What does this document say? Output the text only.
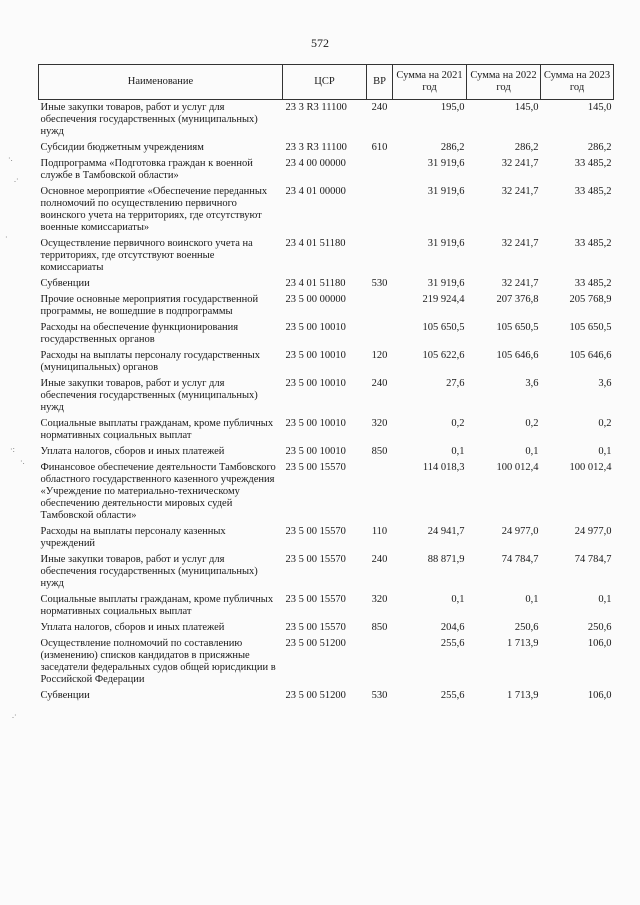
572
·.
.·
·
·:
·.
.·
Наименование	ЦСР	ВР	Сумма на 2021 год	Сумма на 2022 год	Сумма на 2023 год
Иные закупки товаров, работ и услуг для обеспечения государственных (муниципальных) нужд	23 3 R3 11100	240	195,0	145,0	145,0
Субсидии бюджетным учреждениям	23 3 R3 11100	610	286,2	286,2	286,2
Подпрограмма «Подготовка граждан к военной службе в Тамбовской области»	23 4 00 00000		31 919,6	32 241,7	33 485,2
Основное мероприятие «Обеспечение переданных полномочий по осуществлению первичного воинского учета на территориях, где отсутствуют военные комиссариаты»	23 4 01 00000		31 919,6	32 241,7	33 485,2
Осуществление первичного воинского учета на территориях, где отсутствуют военные комиссариаты	23 4 01 51180		31 919,6	32 241,7	33 485,2
Субвенции	23 4 01 51180	530	31 919,6	32 241,7	33 485,2
Прочие основные мероприятия государственной программы, не вошедшие в подпрограммы	23 5 00 00000		219 924,4	207 376,8	205 768,9
Расходы на обеспечение функционирования государственных органов	23 5 00 10010		105 650,5	105 650,5	105 650,5
Расходы на выплаты персоналу государственных (муниципальных) органов	23 5 00 10010	120	105 622,6	105 646,6	105 646,6
Иные закупки товаров, работ и услуг для обеспечения государственных (муниципальных) нужд	23 5 00 10010	240	27,6	3,6	3,6
Социальные выплаты гражданам, кроме публичных нормативных социальных выплат	23 5 00 10010	320	0,2	0,2	0,2
Уплата налогов, сборов и иных платежей	23 5 00 10010	850	0,1	0,1	0,1
Финансовое обеспечение деятельности Тамбовского областного государственного казенного учреждения «Учреждение по материально-техническому обеспечению деятельности мировых судей Тамбовской области»	23 5 00 15570		114 018,3	100 012,4	100 012,4
Расходы на выплаты персоналу казенных учреждений	23 5 00 15570	110	24 941,7	24 977,0	24 977,0
Иные закупки товаров, работ и услуг для обеспечения государственных (муниципальных) нужд	23 5 00 15570	240	88 871,9	74 784,7	74 784,7
Социальные выплаты гражданам, кроме публичных нормативных социальных выплат	23 5 00 15570	320	0,1	0,1	0,1
Уплата налогов, сборов и иных платежей	23 5 00 15570	850	204,6	250,6	250,6
Осуществление полномочий по составлению (изменению) списков кандидатов в присяжные заседатели федеральных судов общей юрисдикции в Российской Федерации	23 5 00 51200		255,6	1 713,9	106,0
Субвенции	23 5 00 51200	530	255,6	1 713,9	106,0
